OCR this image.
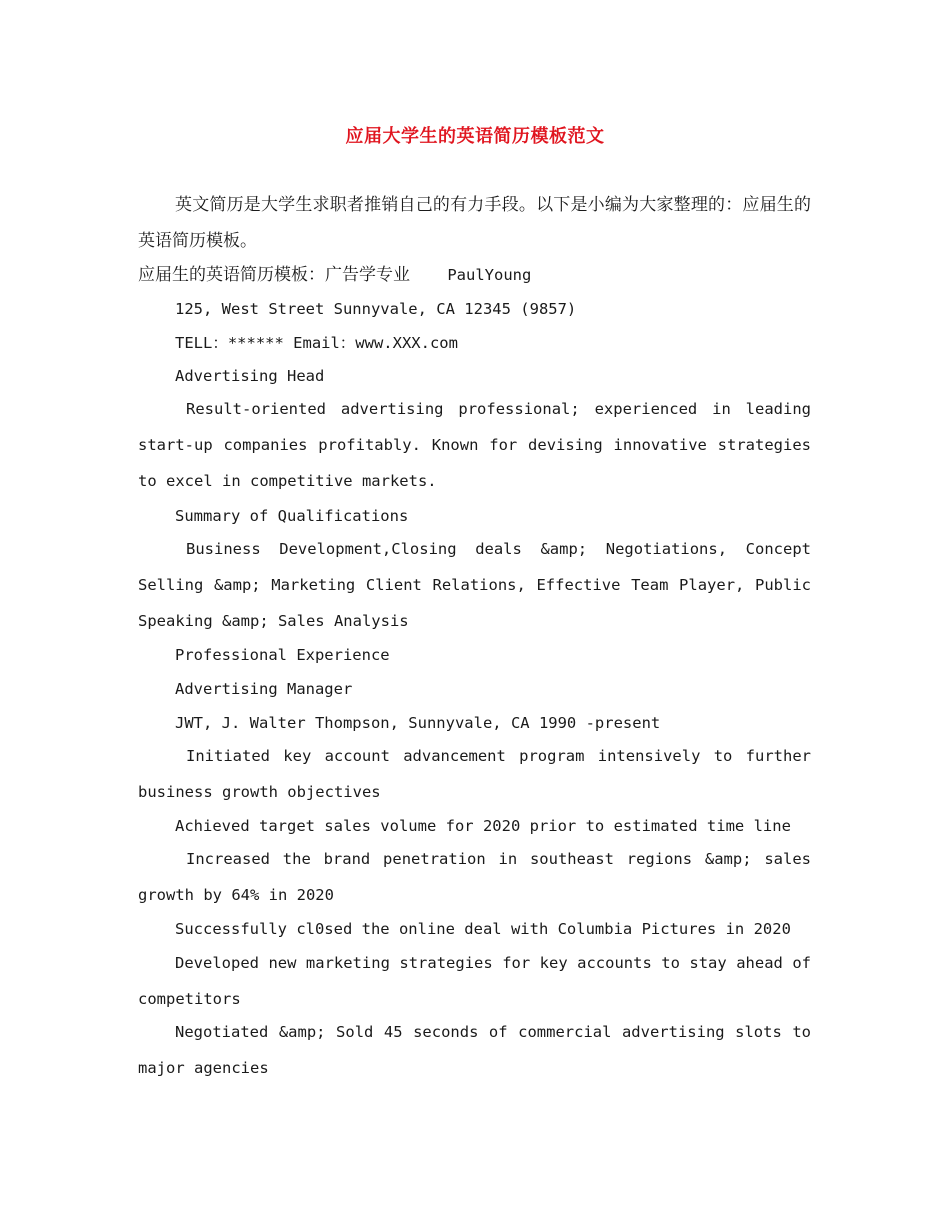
应届大学生的英语简历模板范文

英文简历是大学生求职者推销自己的有力手段。以下是小编为大家整理的：应届生的英语简历模板。

应届生的英语简历模板：广告学专业 PaulYoung
125, West Street Sunnyvale, CA 12345 (9857)
TELL：****** Email：www.XXX.com
Advertising Head

Result-oriented advertising professional; experienced in leading start-up companies profitably. Known for devising innovative strategies to excel in competitive markets.

Summary of Qualifications

Business Development,Closing deals &amp; Negotiations, Concept Selling &amp; Marketing Client Relations, Effective Team Player, Public Speaking &amp; Sales Analysis

Professional Experience
Advertising Manager
JWT, J. Walter Thompson, Sunnyvale, CA 1990 -present

Initiated key account advancement program intensively to further business growth objectives

Achieved target sales volume for 2020 prior to estimated time line

Increased the brand penetration in southeast regions &amp; sales growth by 64% in 2020

Successfully cl0sed the online deal with Columbia Pictures in 2020

Developed new marketing strategies for key accounts to stay ahead of competitors

Negotiated &amp; Sold 45 seconds of commercial advertising slots to major agencies
